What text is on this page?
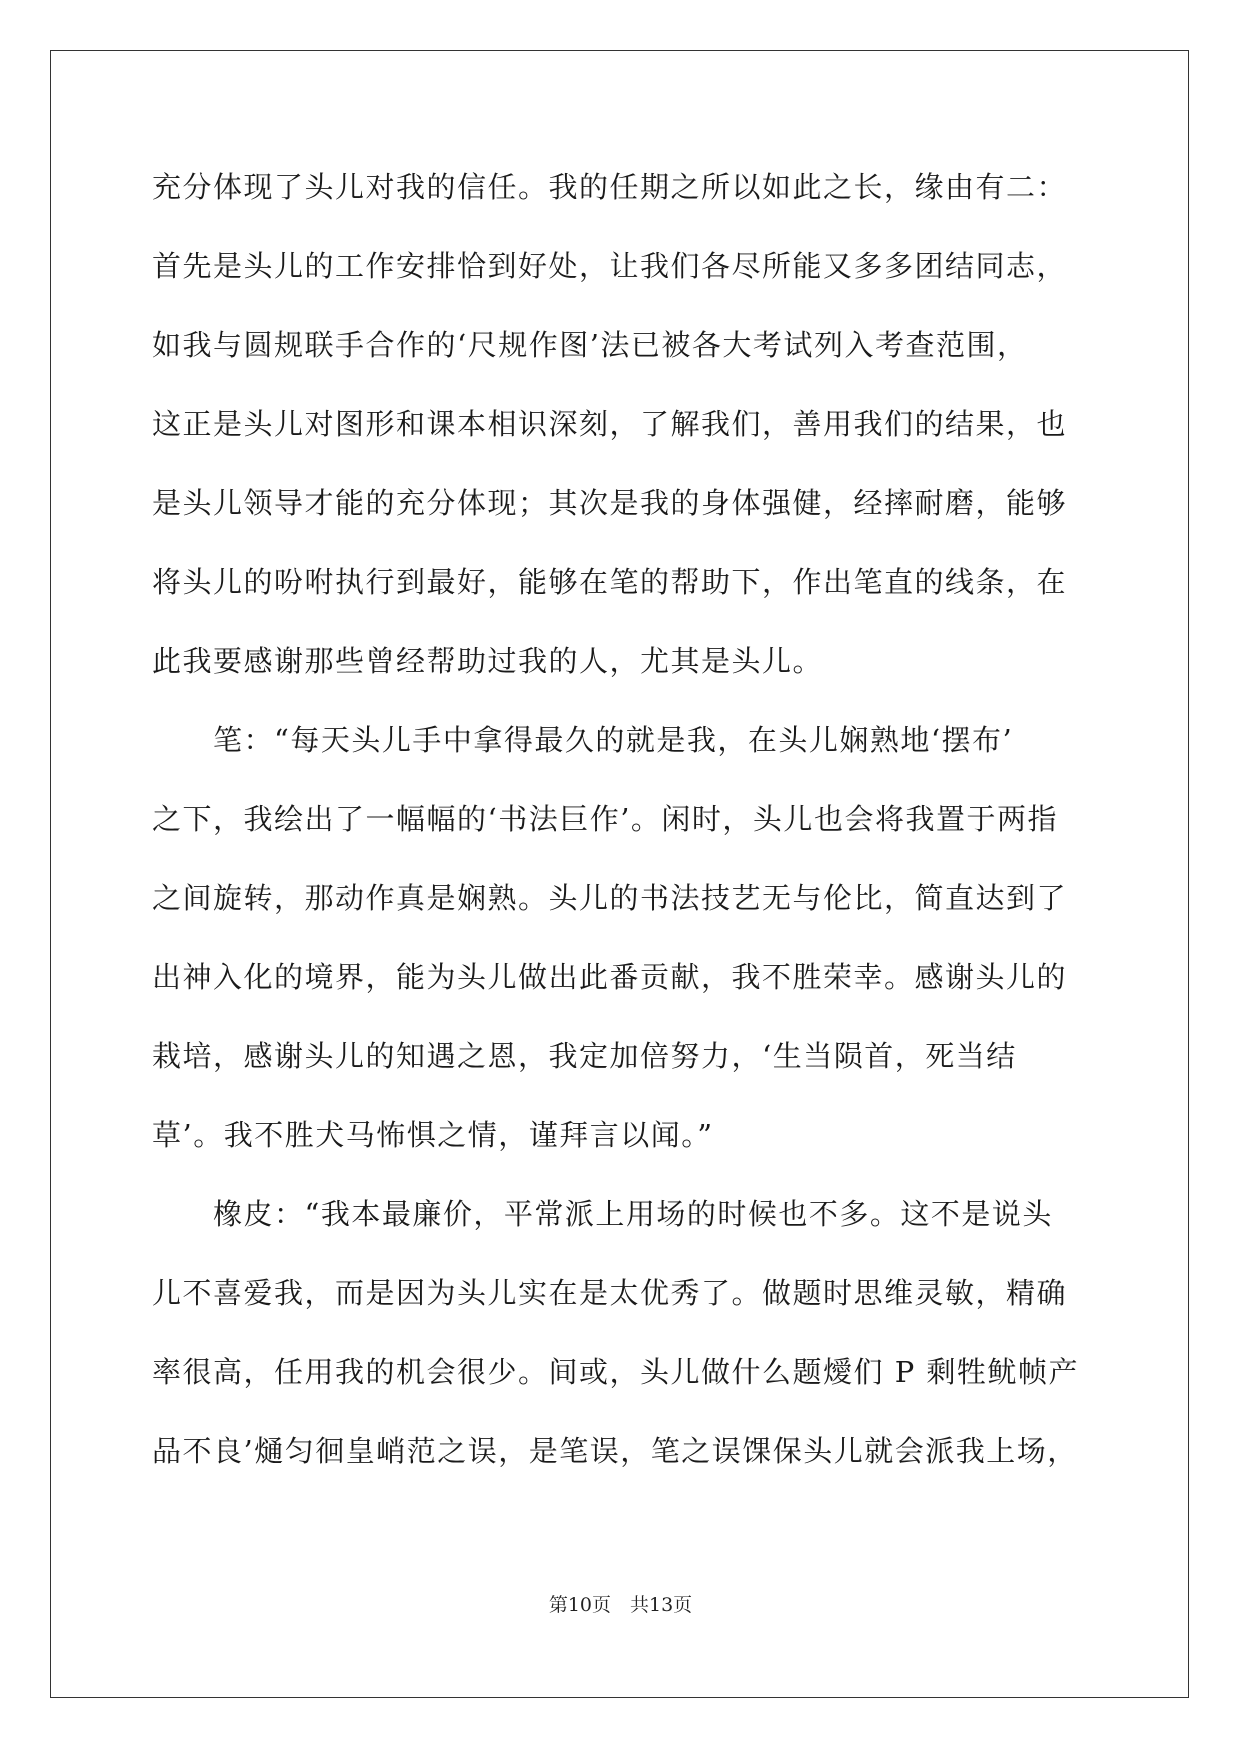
充分体现了头儿对我的信任。我的任期之所以如此之长，缘由有二：
首先是头儿的工作安排恰到好处，让我们各尽所能又多多团结同志，
如我与圆规联手合作的‘尺规作图’法已被各大考试列入考查范围，
这正是头儿对图形和课本相识深刻，了解我们，善用我们的结果，也
是头儿领导才能的充分体现；其次是我的身体强健，经摔耐磨，能够
将头儿的吩咐执行到最好，能够在笔的帮助下，作出笔直的线条，在
此我要感谢那些曾经帮助过我的人，尤其是头儿。
　　笔：“每天头儿手中拿得最久的就是我，在头儿娴熟地‘摆布’
之下，我绘出了一幅幅的‘书法巨作’。闲时，头儿也会将我置于两指
之间旋转，那动作真是娴熟。头儿的书法技艺无与伦比，简直达到了
出神入化的境界，能为头儿做出此番贡献，我不胜荣幸。感谢头儿的
栽培，感谢头儿的知遇之恩，我定加倍努力，‘生当陨首，死当结
草’。我不胜犬马怖惧之情，谨拜言以闻。”
　　橡皮：“我本最廉价，平常派上用场的时候也不多。这不是说头
儿不喜爱我，而是因为头儿实在是太优秀了。做题时思维灵敏，精确
率很高，任用我的机会很少。间或，头儿做什么题燰们 P 剩牲鱿帧产
品不良’熥匀徊皇峭范之误，是笔误，笔之误馃保头儿就会派我上场，
第10页　共13页
